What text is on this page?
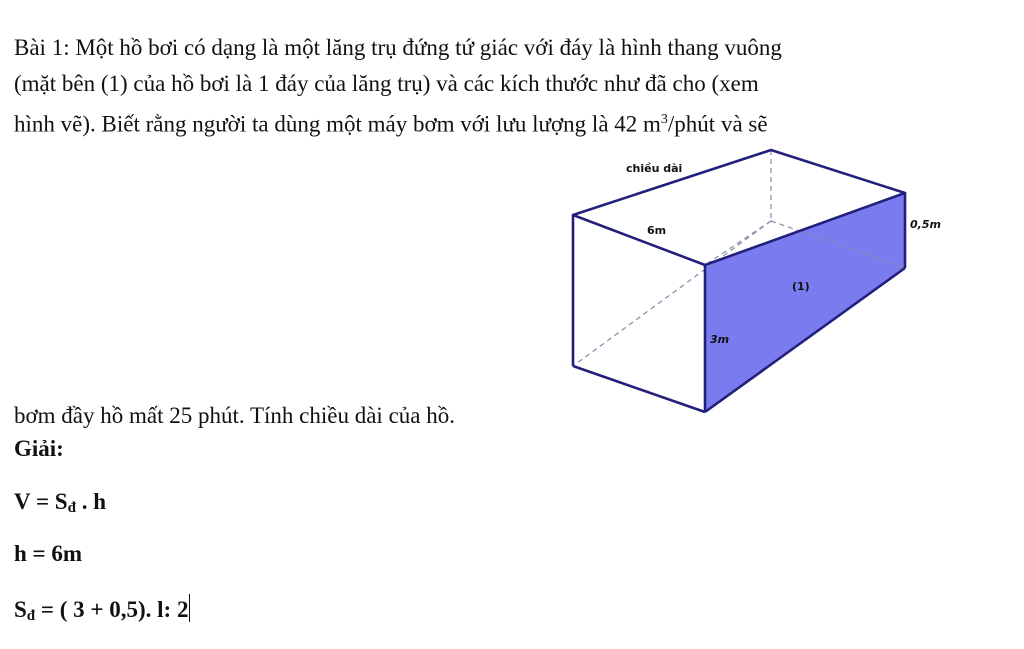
Bài 1: Một hồ bơi có dạng là một lăng trụ đứng tứ giác với đáy là hình thang vuông
(mặt bên (1) của hồ bơi là 1 đáy của lăng trụ) và các kích thước như đã cho (xem
hình vẽ). Biết rằng người ta dùng một máy bơm với lưu lượng là 42 $m^3$/phút và sẽ
bơm đầy hồ mất 25 phút. Tính chiều dài của hồ.
chiều dài
6m	0,5m
(1)
3m
Giải:
$V = S_đ$ . h
h = 6m
$S_đ$ = ( 3 + 0,5). l: 2
